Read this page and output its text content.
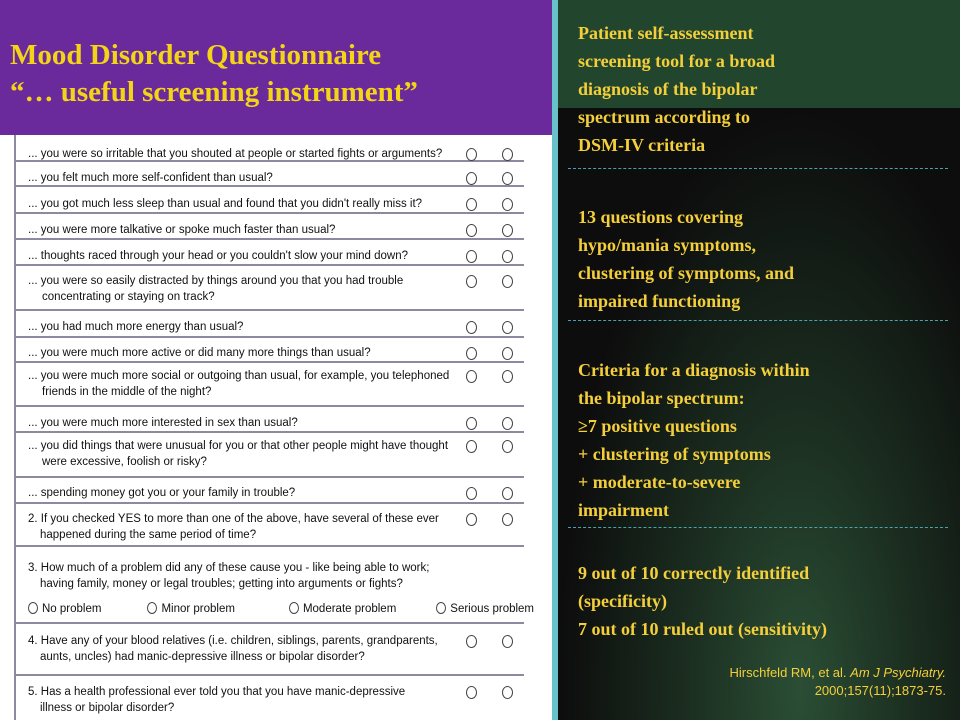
... you were so irritable that you shouted at people or started fights or arguments?
... you felt much more self-confident than usual?
... you got much less sleep than usual and found that you didn't really miss it?
... you were more talkative or spoke much faster than usual?
... thoughts raced through your head or you couldn't slow your mind down?
... you were so easily distracted by things around you that you had trouble
concentrating or staying on track?
... you had much more energy than usual?
... you were much more active or did many more things than usual?
... you were much more social or outgoing than usual, for example, you telephoned
friends in the middle of the night?
... you were much more interested in sex than usual?
... you did things that were unusual for you or that other people might have thought
were excessive, foolish or risky?
... spending money got you or your family in trouble?
2. If you checked YES to more than one of the above, have several of these ever
happened during the same period of time?
3. How much of a problem did any of these cause you - like being able to work;
having family, money or legal troubles; getting into arguments or fights?
No problem	Minor problem	Moderate problem	Serious problem
4. Have any of your blood relatives (i.e. children, siblings, parents, grandparents,
aunts, uncles) had manic-depressive illness or bipolar disorder?
5. Has a health professional ever told you that you have manic-depressive
illness or bipolar disorder?
Mood Disorder Questionnaire
“… useful screening instrument”
Patient self-assessment
screening tool for a broad
diagnosis of the bipolar
spectrum according to
DSM-IV criteria
13 questions covering
hypo/mania symptoms,
clustering of symptoms, and
impaired functioning
Criteria for a diagnosis within
the bipolar spectrum:
≥7 positive questions
+ clustering of symptoms
+ moderate-to-severe
impairment
9 out of 10 correctly identified
(specificity)
7 out of 10 ruled out (sensitivity)
Hirschfeld RM, et al. Am J Psychiatry.
2000;157(11);1873-75.
